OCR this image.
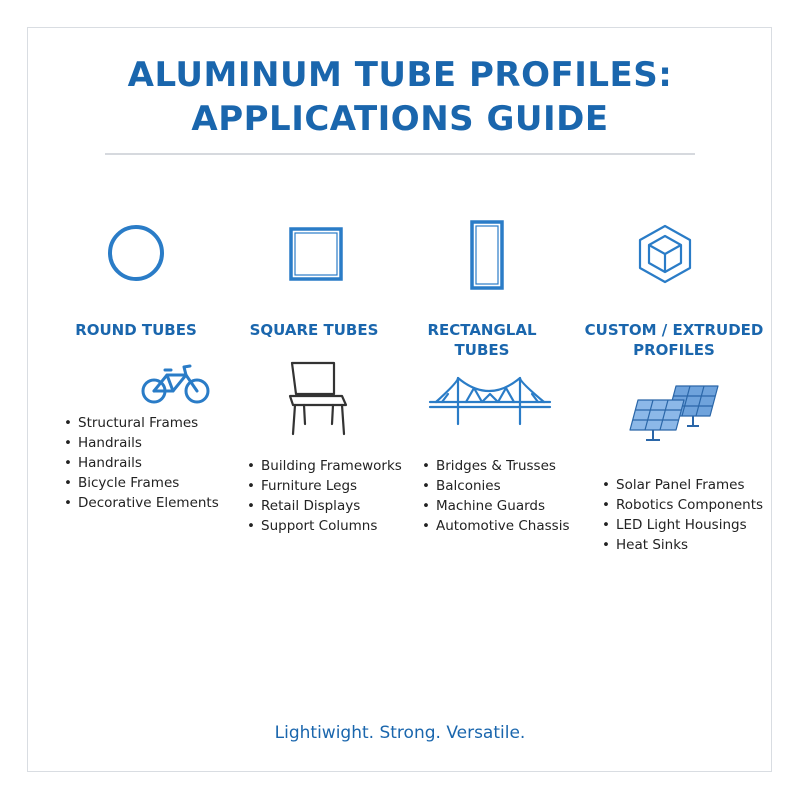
ALUMINUM TUBE PROFILES:
APPLICATIONS GUIDE
ROUND TUBES
• Structural Frames
• Handrails
• Handrails
• Bicycle Frames
• Decorative Elements
SQUARE TUBES
• Building Frameworks
• Furniture Legs
• Retail Displays
• Support Columns
RECTANGLAL
TUBES
• Bridges & Trusses
• Balconies
• Machine Guards
• Automotive Chassis
CUSTOM / EXTRUDED
PROFILES
• Solar Panel Frames
• Robotics Components
• LED Light Housings
• Heat Sinks
Lightiwight. Strong. Versatile.
